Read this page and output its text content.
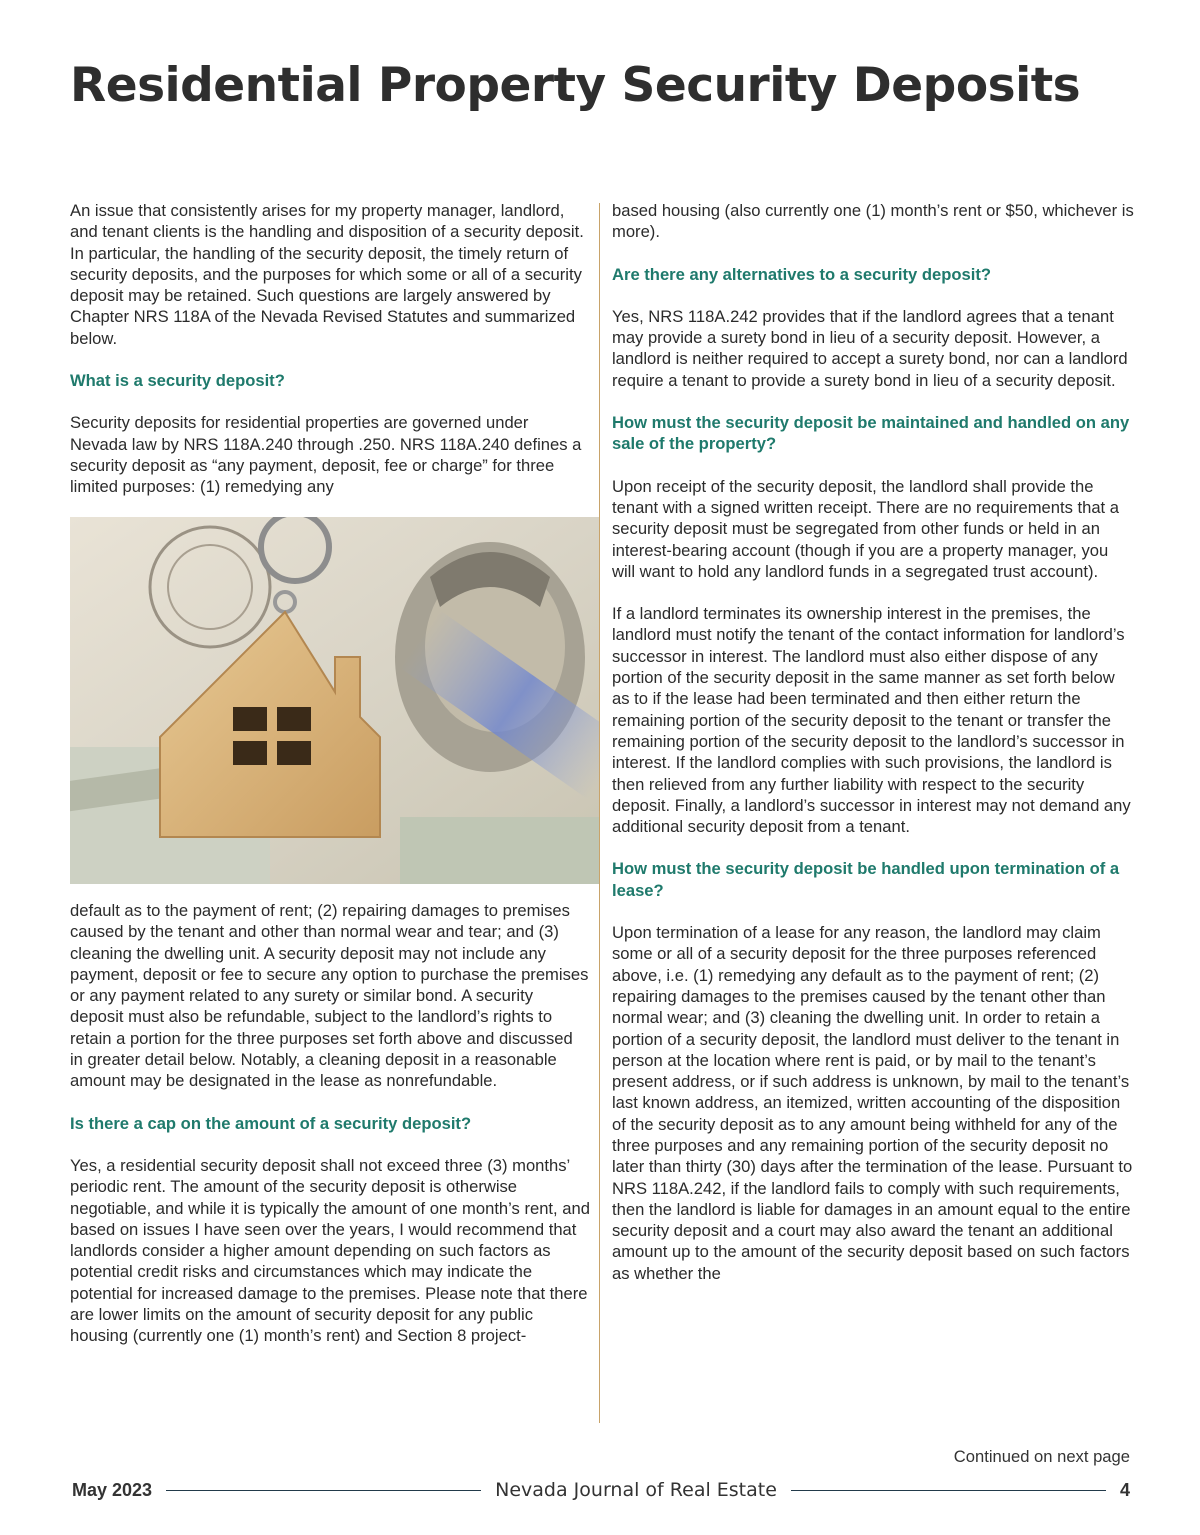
Residential Property Security Deposits

An issue that consistently arises for my property manager, landlord, and tenant clients is the handling and disposition of a security deposit. In particular, the handling of the security deposit, the timely return of security deposits, and the purposes for which some or all of a security deposit may be retained. Such questions are largely answered by Chapter NRS 118A of the Nevada Revised Statutes and summarized below.

What is a security deposit?

Security deposits for residential properties are governed under Nevada law by NRS 118A.240 through .250. NRS 118A.240 defines a security deposit as “any payment, deposit, fee or charge” for three limited purposes: (1) remedying any

default as to the payment of rent; (2) repairing damages to premises caused by the tenant and other than normal wear and tear; and (3) cleaning the dwelling unit. A security deposit may not include any payment, deposit or fee to secure any option to purchase the premises or any payment related to any surety or similar bond. A security deposit must also be refundable, subject to the landlord’s rights to retain a portion for the three purposes set forth above and discussed in greater detail below. Notably, a cleaning deposit in a reasonable amount may be designated in the lease as nonrefundable.

Is there a cap on the amount of a security deposit?

Yes, a residential security deposit shall not exceed three (3) months’ periodic rent. The amount of the security deposit is otherwise negotiable, and while it is typically the amount of one month’s rent, and based on issues I have seen over the years, I would recommend that landlords consider a higher amount depending on such factors as potential credit risks and circumstances which may indicate the potential for increased damage to the premises. Please note that there are lower limits on the amount of security deposit for any public housing (currently one (1) month’s rent) and Section 8 project-

based housing (also currently one (1) month’s rent or $50, whichever is more).

Are there any alternatives to a security deposit?

Yes, NRS 118A.242 provides that if the landlord agrees that a tenant may provide a surety bond in lieu of a security deposit. However, a landlord is neither required to accept a surety bond, nor can a landlord require a tenant to provide a surety bond in lieu of a security deposit.

How must the security deposit be maintained and handled on any sale of the property?

Upon receipt of the security deposit, the landlord shall provide the tenant with a signed written receipt. There are no requirements that a security deposit must be segregated from other funds or held in an interest-bearing account (though if you are a property manager, you will want to hold any landlord funds in a segregated trust account).

If a landlord terminates its ownership interest in the premises, the landlord must notify the tenant of the contact information for landlord’s successor in interest. The landlord must also either dispose of any portion of the security deposit in the same manner as set forth below as to if the lease had been terminated and then either return the remaining portion of the security deposit to the tenant or transfer the remaining portion of the security deposit to the landlord’s successor in interest. If the landlord complies with such provisions, the landlord is then relieved from any further liability with respect to the security deposit. Finally, a landlord’s successor in interest may not demand any additional security deposit from a tenant.

How must the security deposit be handled upon termination of a lease?

Upon termination of a lease for any reason, the landlord may claim some or all of a security deposit for the three purposes referenced above, i.e. (1) remedying any default as to the payment of rent; (2) repairing damages to the premises caused by the tenant other than normal wear; and (3) cleaning the dwelling unit. In order to retain a portion of a security deposit, the landlord must deliver to the tenant in person at the location where rent is paid, or by mail to the tenant’s present address, or if such address is unknown, by mail to the tenant’s last known address, an itemized, written accounting of the disposition of the security deposit as to any amount being withheld for any of the three purposes and any remaining portion of the security deposit no later than thirty (30) days after the termination of the lease. Pursuant to NRS 118A.242, if the landlord fails to comply with such requirements, then the landlord is liable for damages in an amount equal to the entire security deposit and a court may also award the tenant an additional amount up to the amount of the security deposit based on such factors as whether the

Continued on next page
May 2023	Nevada Journal of Real Estate	4
